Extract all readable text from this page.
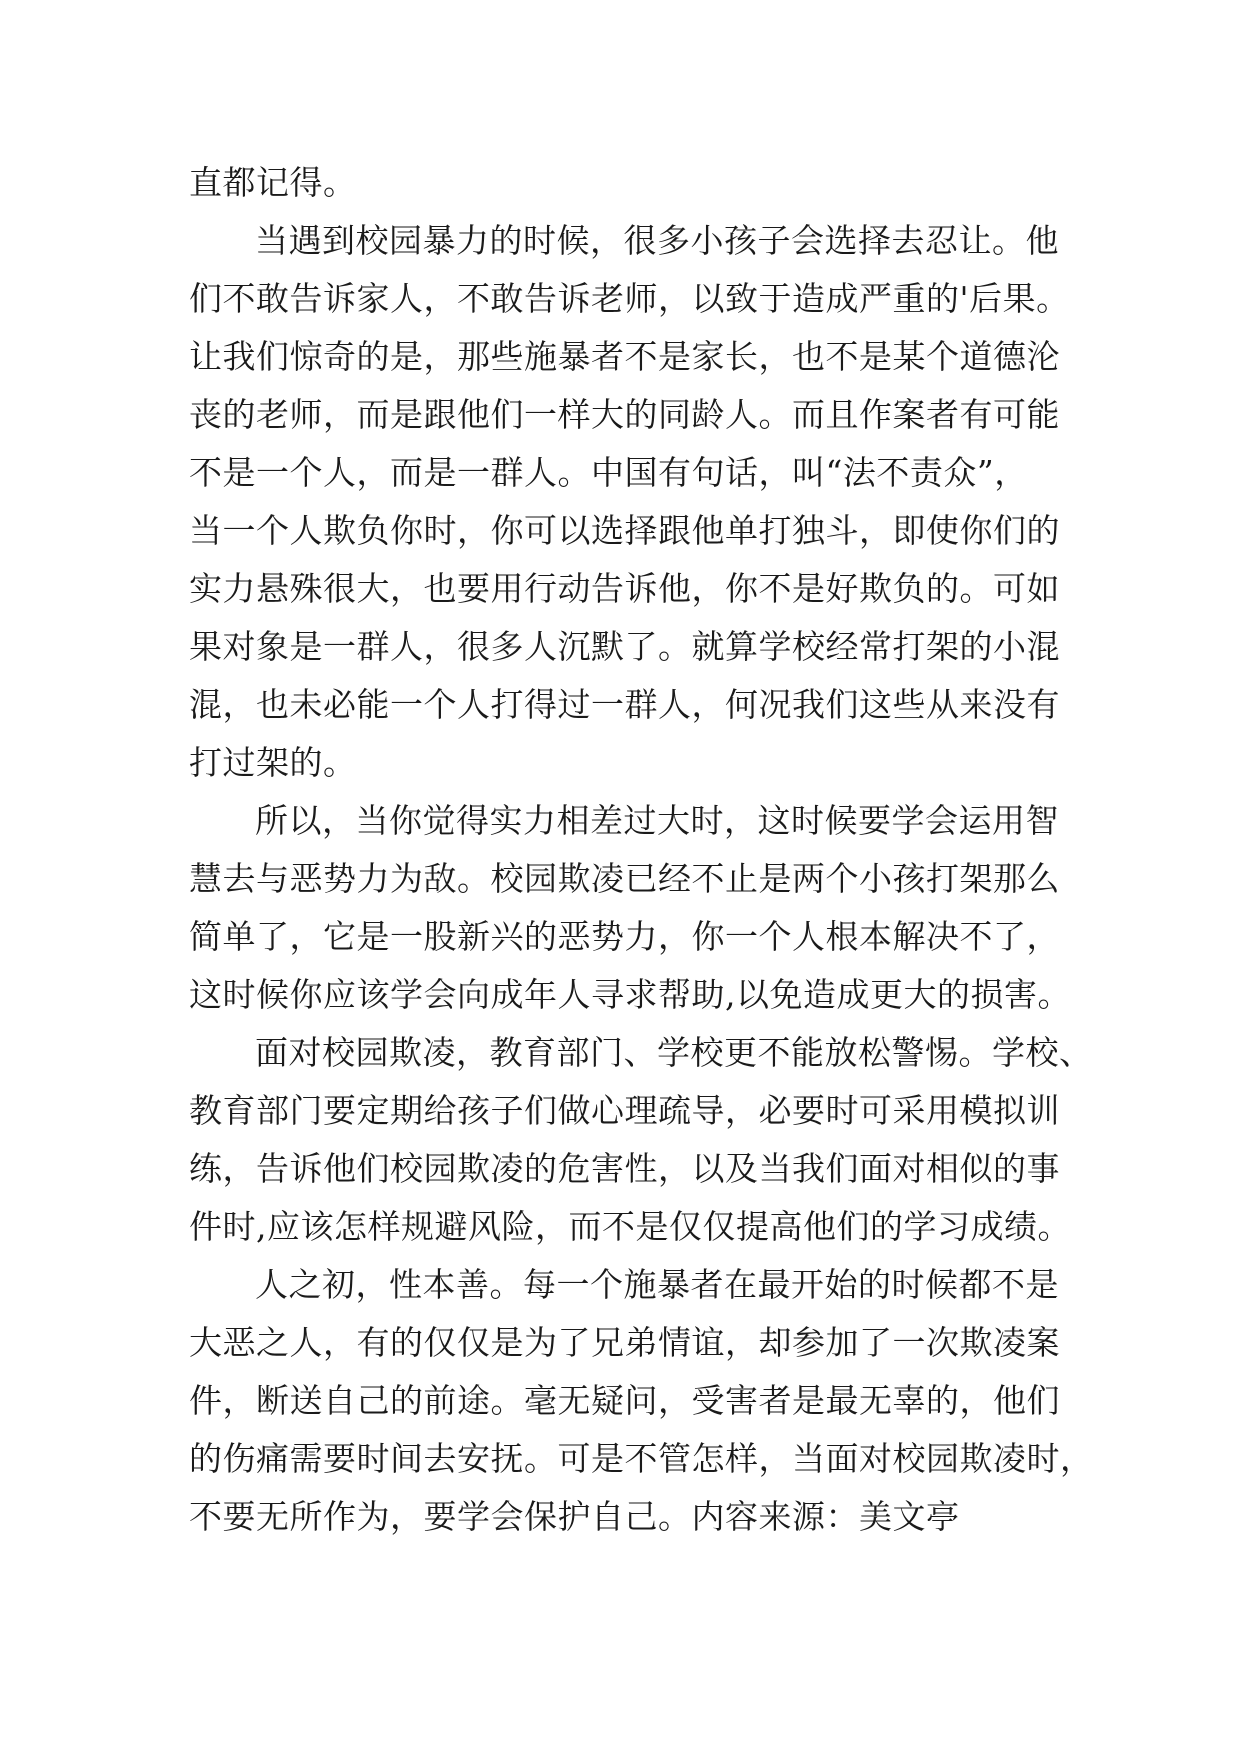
直都记得。
当遇到校园暴力的时候，很多小孩子会选择去忍让。他
们不敢告诉家人，不敢告诉老师，以致于造成严重的'后果。
让我们惊奇的是，那些施暴者不是家长，也不是某个道德沦
丧的老师，而是跟他们一样大的同龄人。而且作案者有可能
不是一个人，而是一群人。中国有句话，叫“法不责众”，
当一个人欺负你时，你可以选择跟他单打独斗，即使你们的
实力悬殊很大，也要用行动告诉他，你不是好欺负的。可如
果对象是一群人，很多人沉默了。就算学校经常打架的小混
混，也未必能一个人打得过一群人，何况我们这些从来没有
打过架的。
所以，当你觉得实力相差过大时，这时候要学会运用智
慧去与恶势力为敌。校园欺凌已经不止是两个小孩打架那么
简单了，它是一股新兴的恶势力，你一个人根本解决不了，
这时候你应该学会向成年人寻求帮助,以免造成更大的损害。
面对校园欺凌，教育部门、学校更不能放松警惕。学校、
教育部门要定期给孩子们做心理疏导，必要时可采用模拟训
练，告诉他们校园欺凌的危害性，以及当我们面对相似的事
件时,应该怎样规避风险，而不是仅仅提高他们的学习成绩。
人之初，性本善。每一个施暴者在最开始的时候都不是
大恶之人，有的仅仅是为了兄弟情谊，却参加了一次欺凌案
件，断送自己的前途。毫无疑问，受害者是最无辜的，他们
的伤痛需要时间去安抚。可是不管怎样，当面对校园欺凌时，
不要无所作为，要学会保护自己。内容来源：美文亭
